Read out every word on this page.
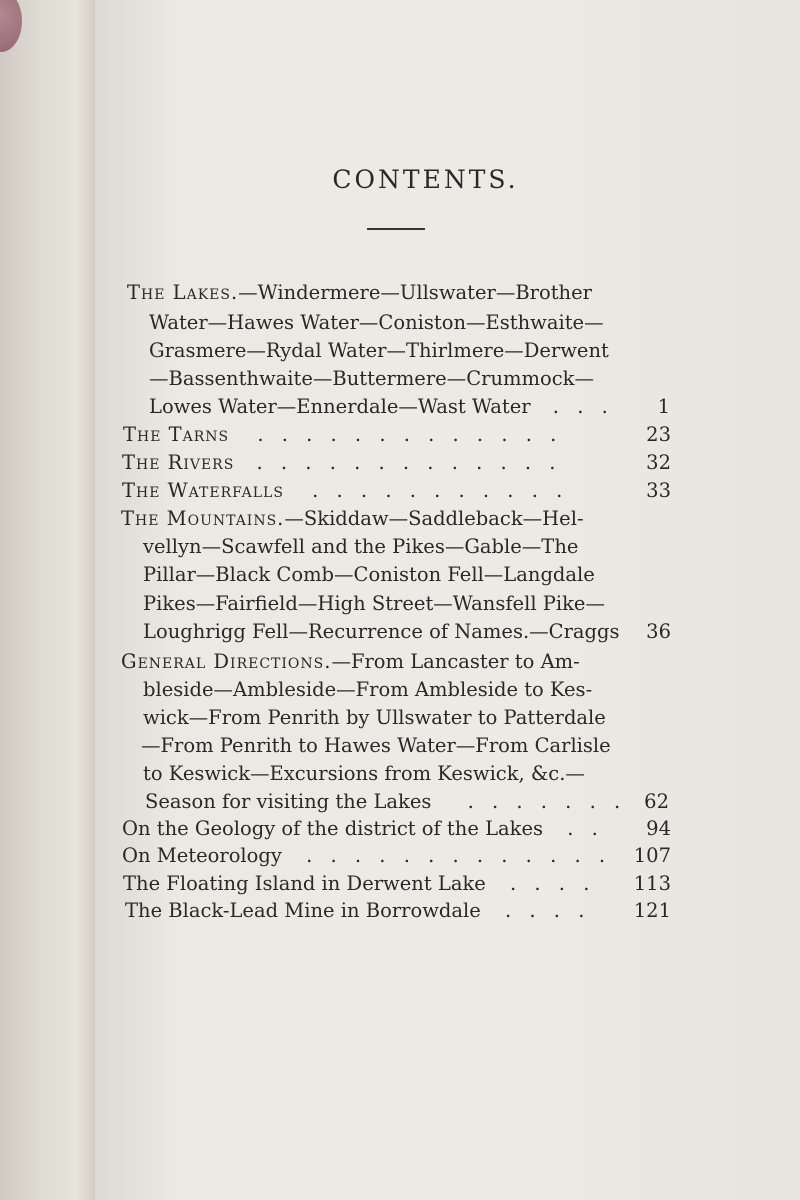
CONTENTS.
The Lakes.—Windermere—Ullswater—Brother
Water—Hawes Water—Coniston—Esthwaite—
Grasmere—Rydal Water—Thirlmere—Derwent
—Bassenthwaite—Buttermere—Crummock—
Lowes Water—Ennerdale—Wast Water . . .	1
The Tarns . . . . . . . . . . . . .	23
The Rivers . . . . . . . . . . . . .	32
The Waterfalls . . . . . . . . . . .	33
The Mountains.—Skiddaw—Saddleback—Hel-
vellyn—Scawfell and the Pikes—Gable—The
Pillar—Black Comb—Coniston Fell—Langdale
Pikes—Fairfield—High Street—Wansfell Pike—
Loughrigg Fell—Recurrence of Names.—Craggs	36
General Directions.—From Lancaster to Am-
bleside—Ambleside—From Ambleside to Kes-
wick—From Penrith by Ullswater to Patterdale
—From Penrith to Hawes Water—From Carlisle
to Keswick—Excursions from Keswick, &c.—
Season for visiting the Lakes . . . . . . . 62
On the Geology of the district of the Lakes . .	94
On Meteorology . . . . . . . . . . . . .	107
The Floating Island in Derwent Lake . . . .	113
The Black-Lead Mine in Borrowdale . . . .	121
